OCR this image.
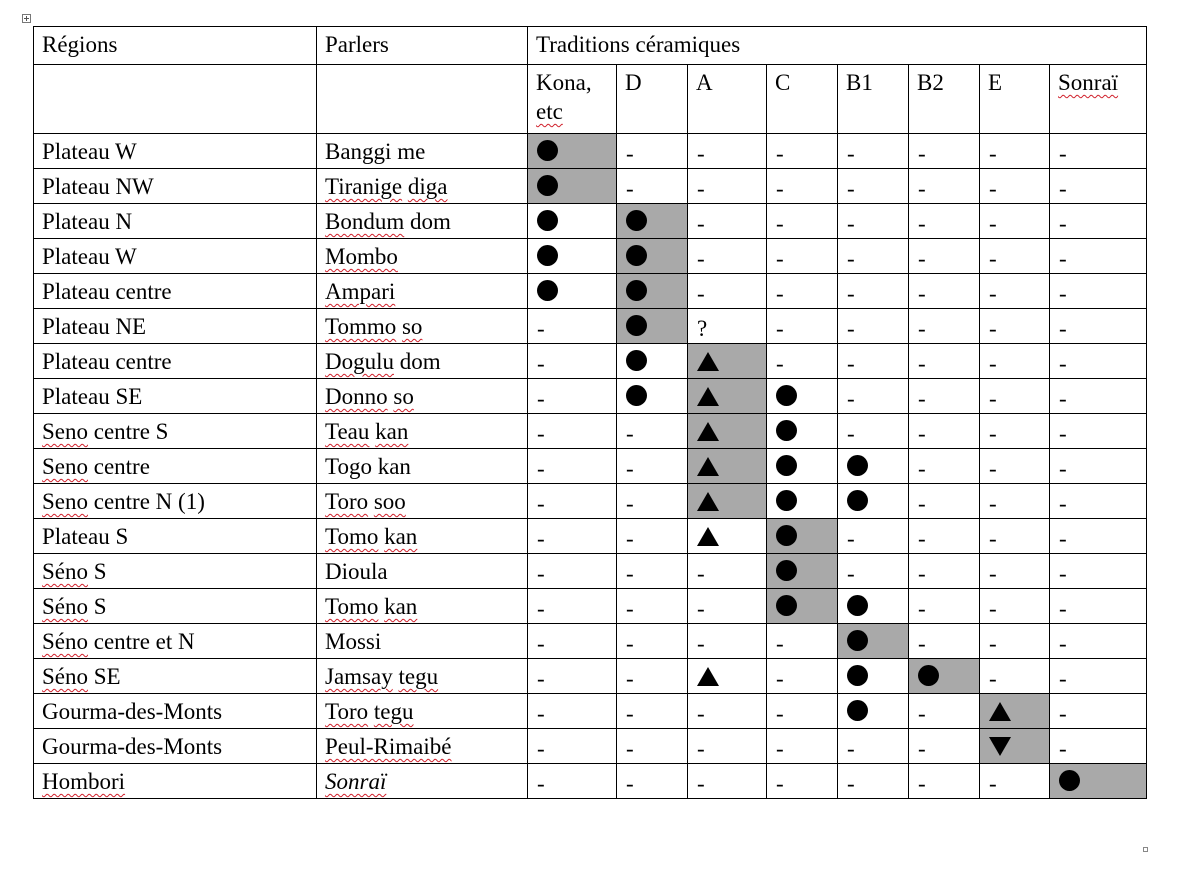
Régions	Parlers	Traditions céramiques							
		Kona,
etc	D	A	C	B1	B2	E	Sonraï
Plateau W	Banggi me		-	-	-	-	-	-	-
Plateau NW	Tiranige diga		-	-	-	-	-	-	-
Plateau N	Bondum dom			-	-	-	-	-	-
Plateau W	Mombo			-	-	-	-	-	-
Plateau centre	Ampari			-	-	-	-	-	-
Plateau NE	Tommo so	-		?	-	-	-	-	-
Plateau centre	Dogulu dom	-			-	-	-	-	-
Plateau SE	Donno so	-				-	-	-	-
Seno centre S	Teau kan	-	-			-	-	-	-
Seno centre	Togo kan	-	-				-	-	-
Seno centre N (1)	Toro soo	-	-				-	-	-
Plateau S	Tomo kan	-	-			-	-	-	-
Séno S	Dioula	-	-	-		-	-	-	-
Séno S	Tomo kan	-	-	-			-	-	-
Séno centre et N	Mossi	-	-	-	-		-	-	-
Séno SE	Jamsay tegu	-	-		-			-	-
Gourma-des-Monts	Toro tegu	-	-	-	-		-		-
Gourma-des-Monts	Peul-Rimaibé	-	-	-	-	-	-		-
Hombori	Sonraï	-	-	-	-	-	-	-	
